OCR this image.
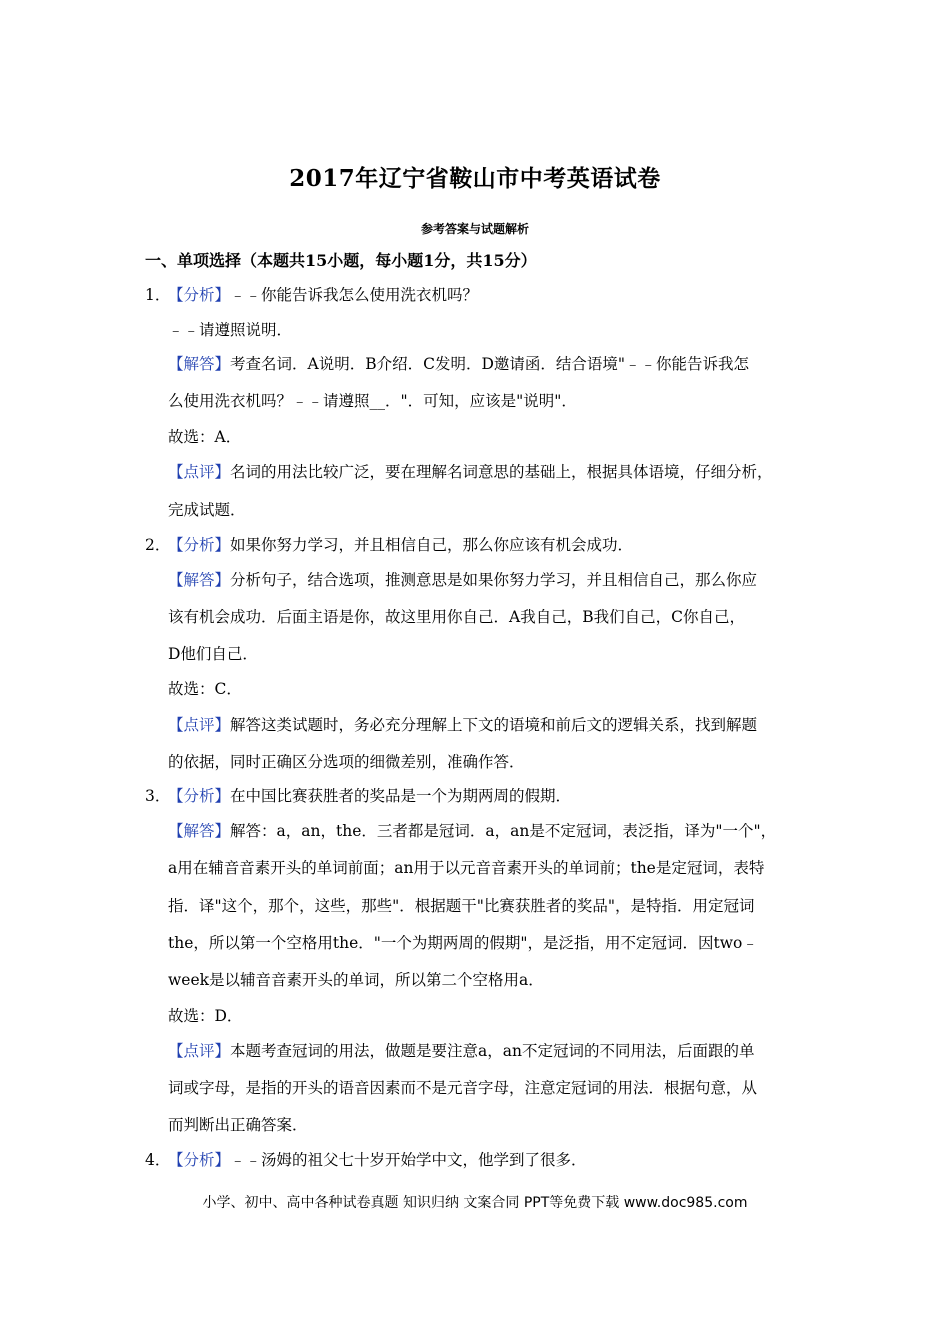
2017年辽宁省鞍山市中考英语试卷
参考答案与试题解析
一、单项选择（本题共15小题，每小题1分，共15分）
1．
【分析】﹣﹣你能告诉我怎么使用洗衣机吗？
﹣﹣请遵照说明．
【解答】考查名词．A说明．B介绍．C发明．D邀请函．结合语境"﹣﹣你能告诉我怎
么使用洗衣机吗？﹣﹣请遵照__．"．可知，应该是"说明"．
故选：A．
【点评】名词的用法比较广泛，要在理解名词意思的基础上，根据具体语境，仔细分析，
完成试题．
2．
【分析】如果你努力学习，并且相信自己，那么你应该有机会成功．
【解答】分析句子，结合选项，推测意思是如果你努力学习，并且相信自己，那么你应
该有机会成功．后面主语是你，故这里用你自己．A我自己，B我们自己，C你自己，
D他们自己．
故选：C．
【点评】解答这类试题时，务必充分理解上下文的语境和前后文的逻辑关系，找到解题
的依据，同时正确区分选项的细微差别，准确作答．
3．
【分析】在中国比赛获胜者的奖品是一个为期两周的假期．
【解答】解答：a，an，the．三者都是冠词．a，an是不定冠词，表泛指，译为"一个"，
a用在辅音音素开头的单词前面；an用于以元音音素开头的单词前；the是定冠词，表特
指．译"这个，那个，这些，那些"．根据题干"比赛获胜者的奖品"，是特指．用定冠词
the，所以第一个空格用the．"一个为期两周的假期"，是泛指，用不定冠词．因two﹣
week是以辅音音素开头的单词，所以第二个空格用a．
故选：D．
【点评】本题考查冠词的用法，做题是要注意a，an不定冠词的不同用法，后面跟的单
词或字母，是指的开头的语音因素而不是元音字母，注意定冠词的用法．根据句意，从
而判断出正确答案．
4．
【分析】﹣﹣汤姆的祖父七十岁开始学中文，他学到了很多．
小学、初中、高中各种试卷真题 知识归纳 文案合同 PPT等免费下载 www.doc985.com
